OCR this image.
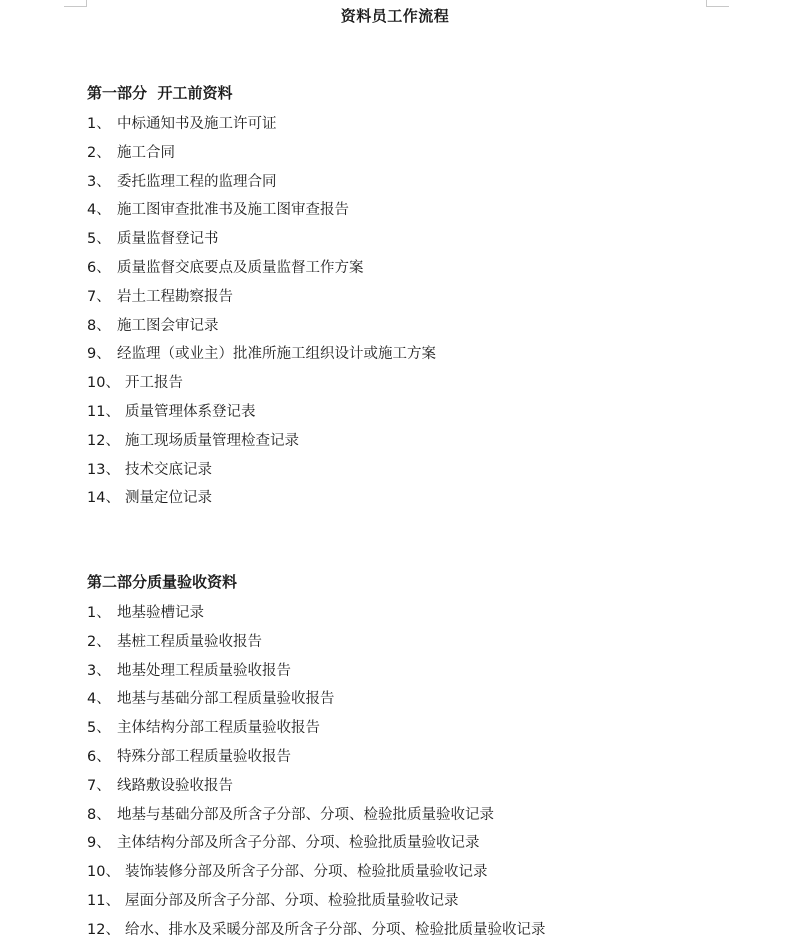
资料员工作流程
第一部分  开工前资料
1、 中标通知书及施工许可证
2、 施工合同
3、 委托监理工程的监理合同
4、 施工图审查批准书及施工图审查报告
5、 质量监督登记书
6、 质量监督交底要点及质量监督工作方案
7、 岩土工程勘察报告
8、 施工图会审记录
9、 经监理（或业主）批准所施工组织设计或施工方案
10、 开工报告
11、 质量管理体系登记表
12、 施工现场质量管理检查记录
13、 技术交底记录
14、 测量定位记录
第二部分质量验收资料
1、 地基验槽记录
2、 基桩工程质量验收报告
3、 地基处理工程质量验收报告
4、 地基与基础分部工程质量验收报告
5、 主体结构分部工程质量验收报告
6、 特殊分部工程质量验收报告
7、 线路敷设验收报告
8、 地基与基础分部及所含子分部、分项、检验批质量验收记录
9、 主体结构分部及所含子分部、分项、检验批质量验收记录
10、 装饰装修分部及所含子分部、分项、检验批质量验收记录
11、 屋面分部及所含子分部、分项、检验批质量验收记录
12、 给水、排水及采暖分部及所含子分部、分项、检验批质量验收记录
